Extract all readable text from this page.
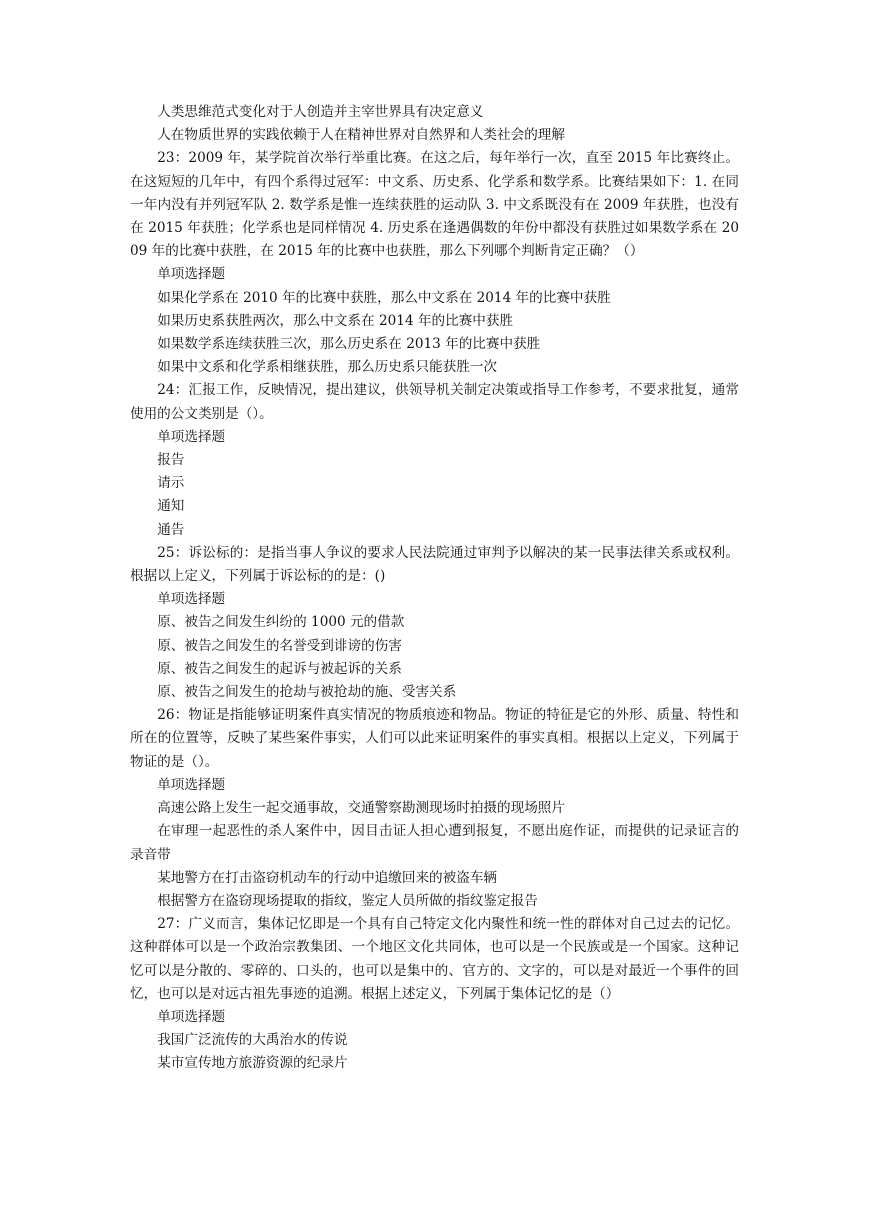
人类思维范式变化对于人创造并主宰世界具有决定意义

人在物质世界的实践依赖于人在精神世界对自然界和人类社会的理解

23：2009 年，某学院首次举行举重比赛。在这之后，每年举行一次，直至 2015 年比赛终止。在这短短的几年中，有四个系得过冠军：中文系、历史系、化学系和数学系。比赛结果如下：1. 在同一年内没有并列冠军队 2. 数学系是惟一连续获胜的运动队 3. 中文系既没有在 2009 年获胜，也没有在 2015 年获胜；化学系也是同样情况 4. 历史系在逢遇偶数的年份中都没有获胜过如果数学系在 2009 年的比赛中获胜，在 2015 年的比赛中也获胜，那么下列哪个判断肯定正确？（）

单项选择题

如果化学系在 2010 年的比赛中获胜，那么中文系在 2014 年的比赛中获胜

如果历史系获胜两次，那么中文系在 2014 年的比赛中获胜

如果数学系连续获胜三次，那么历史系在 2013 年的比赛中获胜

如果中文系和化学系相继获胜，那么历史系只能获胜一次

24：汇报工作，反映情况，提出建议，供领导机关制定决策或指导工作参考，不要求批复，通常使用的公文类别是（）。

单项选择题

报告

请示

通知

通告

25：诉讼标的：是指当事人争议的要求人民法院通过审判予以解决的某一民事法律关系或权利。根据以上定义，下列属于诉讼标的的是：()

单项选择题

原、被告之间发生纠纷的 1000 元的借款

原、被告之间发生的名誉受到诽谤的伤害

原、被告之间发生的起诉与被起诉的关系

原、被告之间发生的抢劫与被抢劫的施、受害关系

26：物证是指能够证明案件真实情况的物质痕迹和物品。物证的特征是它的外形、质量、特性和所在的位置等，反映了某些案件事实，人们可以此来证明案件的事实真相。根据以上定义，下列属于物证的是（）。

单项选择题

高速公路上发生一起交通事故，交通警察勘测现场时拍摄的现场照片

在审理一起恶性的杀人案件中，因目击证人担心遭到报复，不愿出庭作证，而提供的记录证言的录音带

某地警方在打击盗窃机动车的行动中追缴回来的被盗车辆

根据警方在盗窃现场提取的指纹，鉴定人员所做的指纹鉴定报告

27：广义而言，集体记忆即是一个具有自己特定文化内聚性和统一性的群体对自己过去的记忆。这种群体可以是一个政治宗教集团、一个地区文化共同体，也可以是一个民族或是一个国家。这种记忆可以是分散的、零碎的、口头的，也可以是集中的、官方的、文字的，可以是对最近一个事件的回忆，也可以是对远古祖先事迹的追溯。根据上述定义，下列属于集体记忆的是（）

单项选择题

我国广泛流传的大禹治水的传说

某市宣传地方旅游资源的纪录片
